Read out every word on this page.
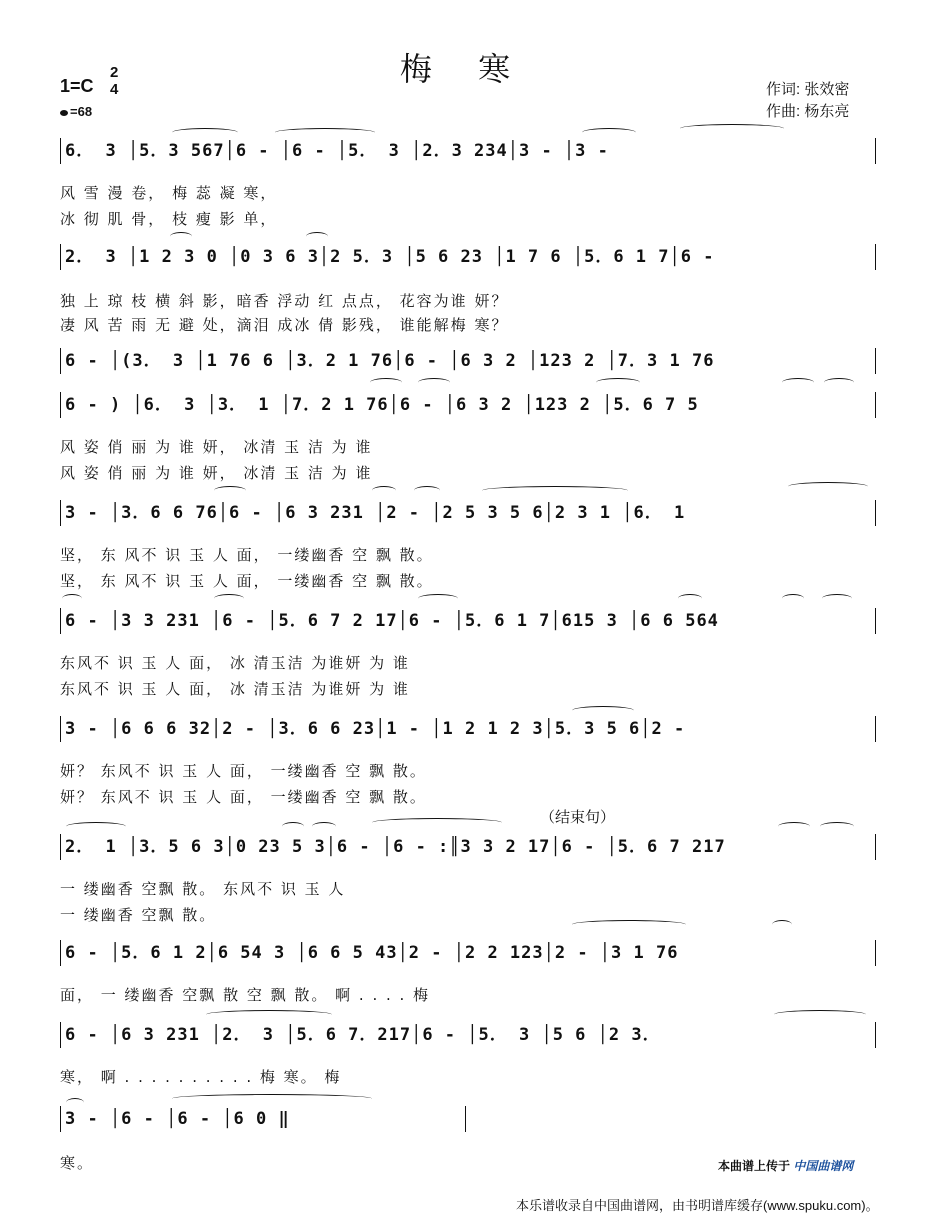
梅 寒
1=C
2
4
=68
作词: 张效密
作曲: 杨东亮
6． 3 │5．3 567│6 - │6 - │5． 3 │2．3 234│3 - │3 -
风 雪 漫 卷， 梅 蕊 凝 寒，
冰 彻 肌 骨， 枝 瘦 影 单，
2． 3 │1 2 3 0 │0 3 6 3│2 5．3 │5 6 23 │1 7 6 │5．6 1 7│6 -
独 上 琼 枝 横 斜 影，暗香 浮动 红 点点， 花容为谁 妍？
凄 风 苦 雨 无 避 处，滴泪 成冰 倩 影残， 谁能解梅 寒？
6 - │(3． 3 │1 76 6 │3．2 1 76│6 - │6 3 2 │123 2 │7．3 1 76
6 - ) │6． 3 │3． 1 │7．2 1 76│6 - │6 3 2 │123 2 │5．6 7 5
风 姿 俏 丽 为 谁 妍， 冰清 玉 洁 为 谁
风 姿 俏 丽 为 谁 妍， 冰清 玉 洁 为 谁
3 - │3．6 6 76│6 - │6 3 231 │2 - │2 5 3 5 6│2 3 1 │6． 1
坚， 东 风不 识 玉 人 面， 一缕幽香 空 飘 散。
坚， 东 风不 识 玉 人 面， 一缕幽香 空 飘 散。
6 - │3 3 231 │6 - │5．6 7 2 17│6 - │5．6 1 7│615 3 │6 6 564
东风不 识 玉 人 面， 冰 清玉洁 为谁妍 为 谁
东风不 识 玉 人 面， 冰 清玉洁 为谁妍 为 谁
3 - │6 6 6 32│2 - │3．6 6 23│1 - │1 2 1 2 3│5．3 5 6│2 -
妍？ 东风不 识 玉 人 面， 一缕幽香 空 飘 散。
妍？ 东风不 识 玉 人 面， 一缕幽香 空 飘 散。
（结束句）
2． 1 │3．5 6 3│0 23 5 3│6 - │6 - :║3 3 2 17│6 - │5．6 7 217
一 缕幽香 空飘 散。 东风不 识 玉 人
一 缕幽香 空飘 散。
6 - │5．6 1 2│6 54 3 │6 6 5 43│2 - │2 2 123│2 - │3 1 76
面， 一 缕幽香 空飘 散 空 飘 散。 啊 . . . . 梅
6 - │6 3 231 │2． 3 │5．6 7．217│6 - │5． 3 │5 6 │2 3．
寒， 啊 . . . . . . . . . . 梅 寒。 梅
3 - │6 - │6 - │6 0 ‖
寒。	本曲谱上传于 中国曲谱网
本乐谱收录自中国曲谱网，由书明谱库缓存(www.spuku.com)。
